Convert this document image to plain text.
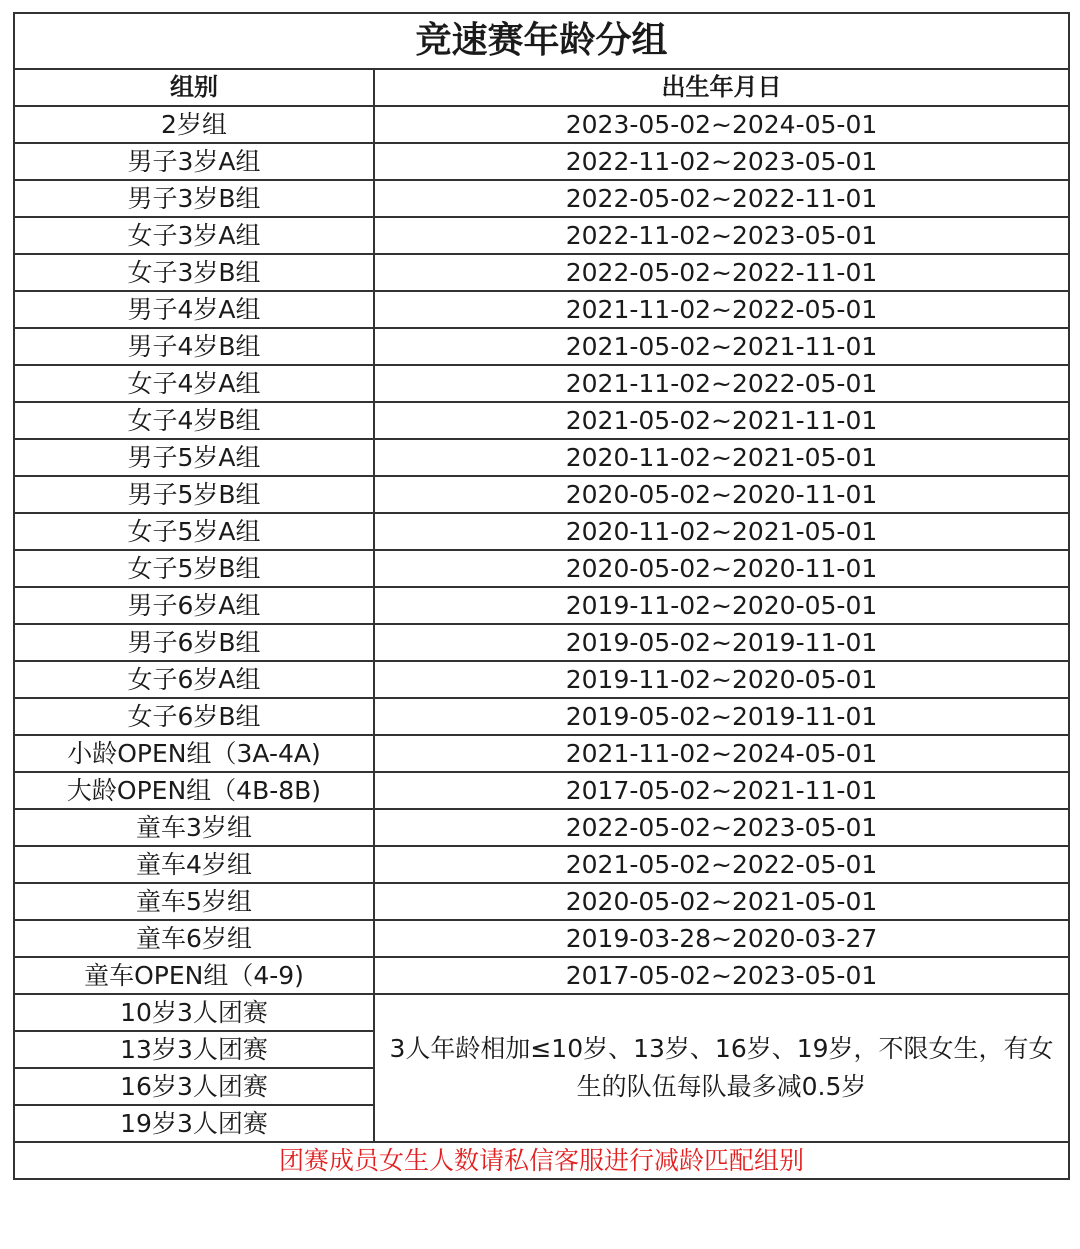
竞速赛年龄分组	
组别	出生年月日
2岁组	2023-05-02~2024-05-01
男子3岁A组	2022-11-02~2023-05-01
男子3岁B组	2022-05-02~2022-11-01
女子3岁A组	2022-11-02~2023-05-01
女子3岁B组	2022-05-02~2022-11-01
男子4岁A组	2021-11-02~2022-05-01
男子4岁B组	2021-05-02~2021-11-01
女子4岁A组	2021-11-02~2022-05-01
女子4岁B组	2021-05-02~2021-11-01
男子5岁A组	2020-11-02~2021-05-01
男子5岁B组	2020-05-02~2020-11-01
女子5岁A组	2020-11-02~2021-05-01
女子5岁B组	2020-05-02~2020-11-01
男子6岁A组	2019-11-02~2020-05-01
男子6岁B组	2019-05-02~2019-11-01
女子6岁A组	2019-11-02~2020-05-01
女子6岁B组	2019-05-02~2019-11-01
小龄OPEN组（3A-4A)	2021-11-02~2024-05-01
大龄OPEN组（4B-8B)	2017-05-02~2021-11-01
童车3岁组	2022-05-02~2023-05-01
童车4岁组	2021-05-02~2022-05-01
童车5岁组	2020-05-02~2021-05-01
童车6岁组	2019-03-28~2020-03-27
童车OPEN组（4-9)	2017-05-02~2023-05-01
10岁3人团赛	3人年龄相加≤10岁、13岁、16岁、19岁，不限女生，有女生的队伍每队最多减0.5岁
13岁3人团赛	
16岁3人团赛	
19岁3人团赛	
团赛成员女生人数请私信客服进行减龄匹配组别	
